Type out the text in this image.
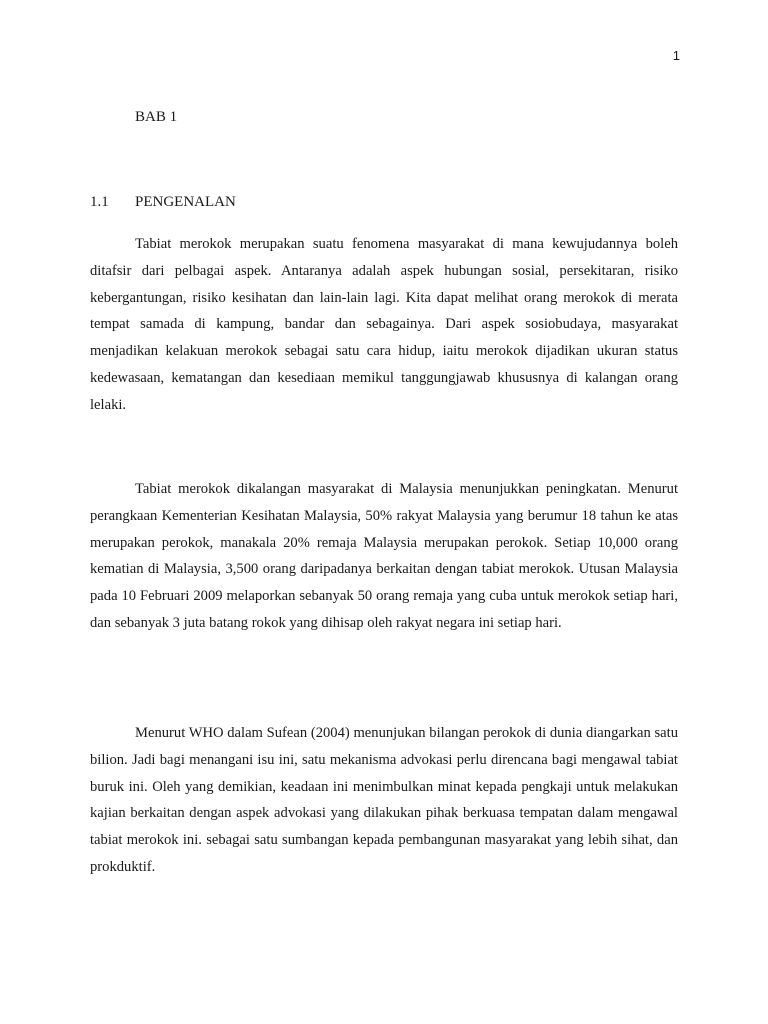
1
BAB 1
1.1 PENGENALAN

Tabiat merokok merupakan suatu fenomena masyarakat di mana kewujudannya boleh ditafsir dari pelbagai aspek. Antaranya adalah aspek hubungan sosial, persekitaran, risiko kebergantungan, risiko kesihatan dan lain-lain lagi. Kita dapat melihat orang merokok di merata tempat samada di kampung, bandar dan sebagainya. Dari aspek sosiobudaya, masyarakat menjadikan kelakuan merokok sebagai satu cara hidup, iaitu merokok dijadikan ukuran status kedewasaan, kematangan dan kesediaan memikul tanggungjawab khususnya di kalangan orang lelaki.

Tabiat merokok dikalangan masyarakat di Malaysia menunjukkan peningkatan. Menurut perangkaan Kementerian Kesihatan Malaysia, 50% rakyat Malaysia yang berumur 18 tahun ke atas merupakan perokok, manakala 20% remaja Malaysia merupakan perokok. Setiap 10,000 orang kematian di Malaysia, 3,500 orang daripadanya berkaitan dengan tabiat merokok. Utusan Malaysia pada 10 Februari 2009 melaporkan sebanyak 50 orang remaja yang cuba untuk merokok setiap hari, dan sebanyak 3 juta batang rokok yang dihisap oleh rakyat negara ini setiap hari.

Menurut WHO dalam Sufean (2004) menunjukan bilangan perokok di dunia diangarkan satu bilion. Jadi bagi menangani isu ini, satu mekanisma advokasi perlu direncana bagi mengawal tabiat buruk ini. Oleh yang demikian, keadaan ini menimbulkan minat kepada pengkaji untuk melakukan kajian berkaitan dengan aspek advokasi yang dilakukan pihak berkuasa tempatan dalam mengawal tabiat merokok ini. sebagai satu sumbangan kepada pembangunan masyarakat yang lebih sihat, dan prokduktif.
